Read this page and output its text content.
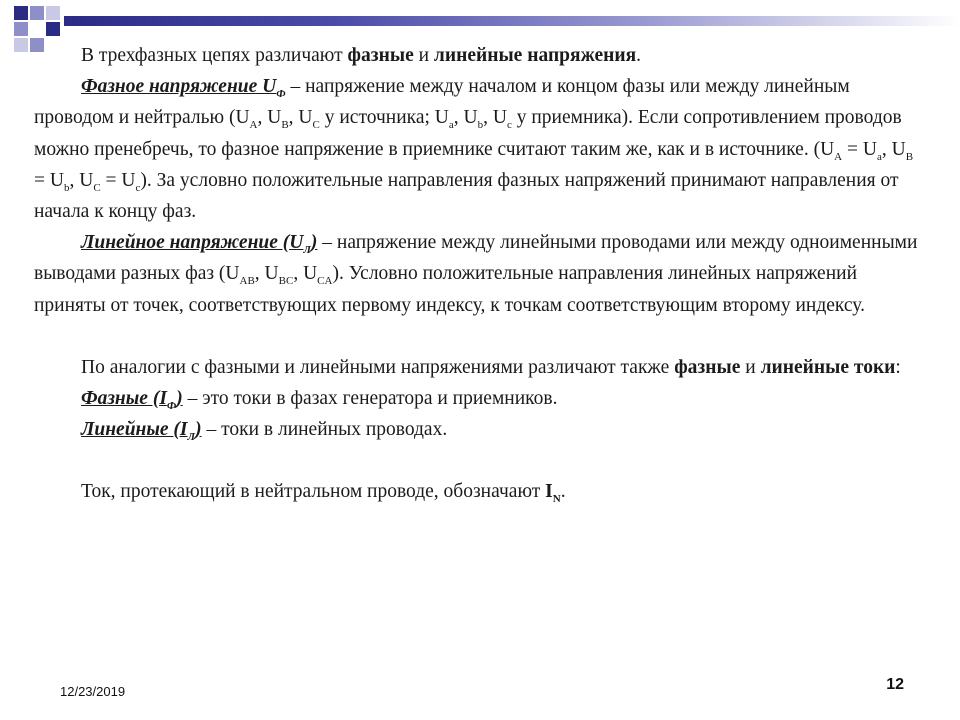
В трехфазных цепях различают фазные и линейные напряжения.

Фазное напряжение $U_Ф$ – напряжение между началом и концом фазы или между линейным проводом и нейтралью ($U_A$, $U_B$, $U_C$ у источника; $U_a$, $U_b$, $U_c$ у приемника). Если сопротивлением проводов можно пренебречь, то фазное напряжение в приемнике считают таким же, как и в источнике. ($U_A = U_a$, $U_B = U_b$, $U_C = U_c$). За условно положительные направления фазных напряжений принимают направления от начала к концу фаз.

Линейное напряжение $(U_Л)$ – напряжение между линейными проводами или между одноименными выводами разных фаз ($U_{AB}$, $U_{BC}$, $U_{CA}$). Условно положительные направления линейных напряжений приняты от точек, соответствующих первому индексу, к точкам соответствующим второму индексу.

По аналогии с фазными и линейными напряжениями различают также фазные и линейные токи:

Фазные $(I_Ф)$ – это токи в фазах генератора и приемников.

Линейные $(I_Л)$ – токи в линейных проводах.

Ток, протекающий в нейтральном проводе, обозначают $I_N$.

12/23/2019	12
